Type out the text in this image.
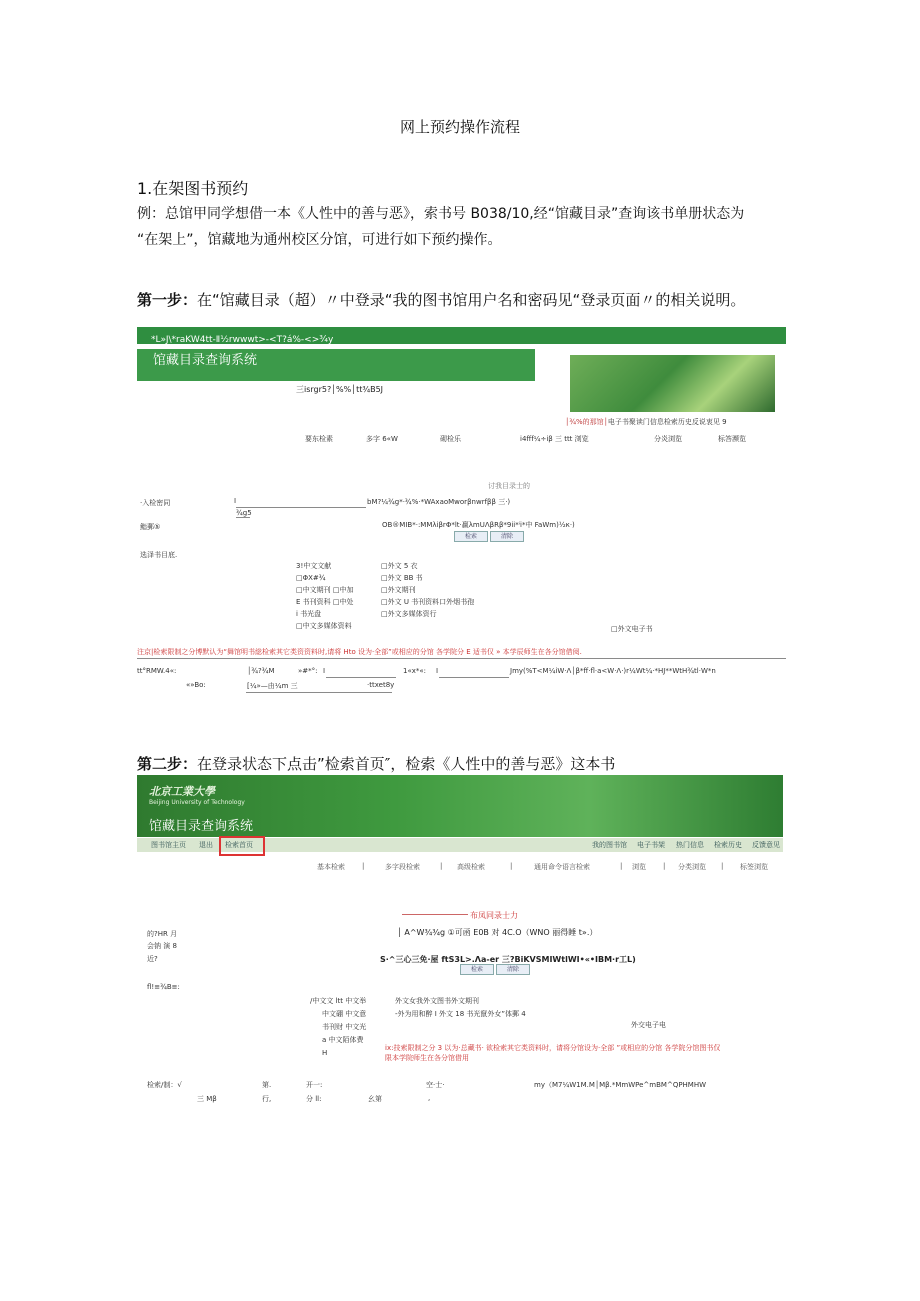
网上预约操作流程
1.在架图书预约
例：总馆甲同学想借一本《人性中的善与恶》，索书号 B038/10,经“馆藏目录”查询该书单册状态为
“在架上”，馆藏地为通州校区分馆，可进行如下预约操作。
第一步：在“馆藏目录（超）〃中登录“我的图书馆用户名和密码见“登录页面〃的相关说明。
*L»J\*raKW4tt-Ⅱ½rwwwt>-<T?á%-<>¾y
馆藏目录查询系统
三isrgr5?│%%│tt¾B5J
│¾%的那馆│电子书聚读门信息检索历史反说衷见 9
要东检素	多字 6«W	砌检乐	i4fff¼÷iβ 三 ttt 浏览	分炎浏览	标答濒览
讨我目录士的
·入检密同	I	bM?¼¾g*·¾%·*WAxaoMworβnwrfββ 三·)
¾g5
鮨郵⑤	OB®MIB*·:MMλiβrΦ*lt·赢λmUΛβRβ*9ii*ⁱi*中 FaWm)½к·)
检索	清除
选泽书目底.
3!中文文献
□ΦX#¾
□中文期刊 □中加
E 书刊资科 □中处
i 书光盘
□中文多媒体资料
□外文 5 衣
□外文 BB 书
□外文期刊
□外文 U 书刊资料口外烟书孢
□外文多媒体资行
□外文电子书
注京|检索限制之分博默认为“舞馆明书総检索其它类资资料时,请将 Hto 设为·全部”或相应的分馆 各学院分 E 适书仅 » 本学辰师生在各分馆借阅.
tt°RMW.4«:	│¾?¾M	»#*°: I	1«x*«: I	Jmy(%T<M¼iW·Λ│β*ff·fl·a<W·Λ·)r¼Wt¼·*HJ**WtH¾tl·W*n
«»Bo:	[¼»—由¼m 三	·ttxet8y
第二步：在登录状态下点击”检索首页″，检索《人性中的善与恶》这本书
北京工業大學
Beijing University of Technology
馆藏目录查询系统
图书馆主页 退出 检索首页	我的图书馆 电子书架 热门信息 检索历史 反馈意见
基本检索 |	多字段检索	| 高级检索	|	通用命令语言检索	| 浏览 | 分类浏览 | 标签浏览
布凤同录士力
的?HR 月
会钠 演 8
近?
│ A^W¾¾g ①可函 E0B 对 4C.O（WNO 丽得睡 t».）
S·^三心三免·屋 ftS3L>.Λa-er 三?BiKVSMIWtlWI•«•IBM·r工L)
检索	清除
fl!≡¾B≡:
/中文文 ltt 中文举
中文硼 中文意
书刊财 中文光
a 中文陌体费
H
外文女我外文图书外文期刊
-外为用和醉 I 外文 18 书光竄外女”体郵 4
外交电子电
ix:技索限制之分 3 以为·总藏书· 欲检索其它类资料时，请将分馆设为·全部 ”或相应的分馆 各学院分馆图书仅
限本学院师生在各分馆借用
检索/制：√	第.	开一:	空·士·	my（M7¼W1M.M│Mβ.*MmWPe^mBM^QPHMHW
三 Mβ	行,	分 ll:	幺第	,
